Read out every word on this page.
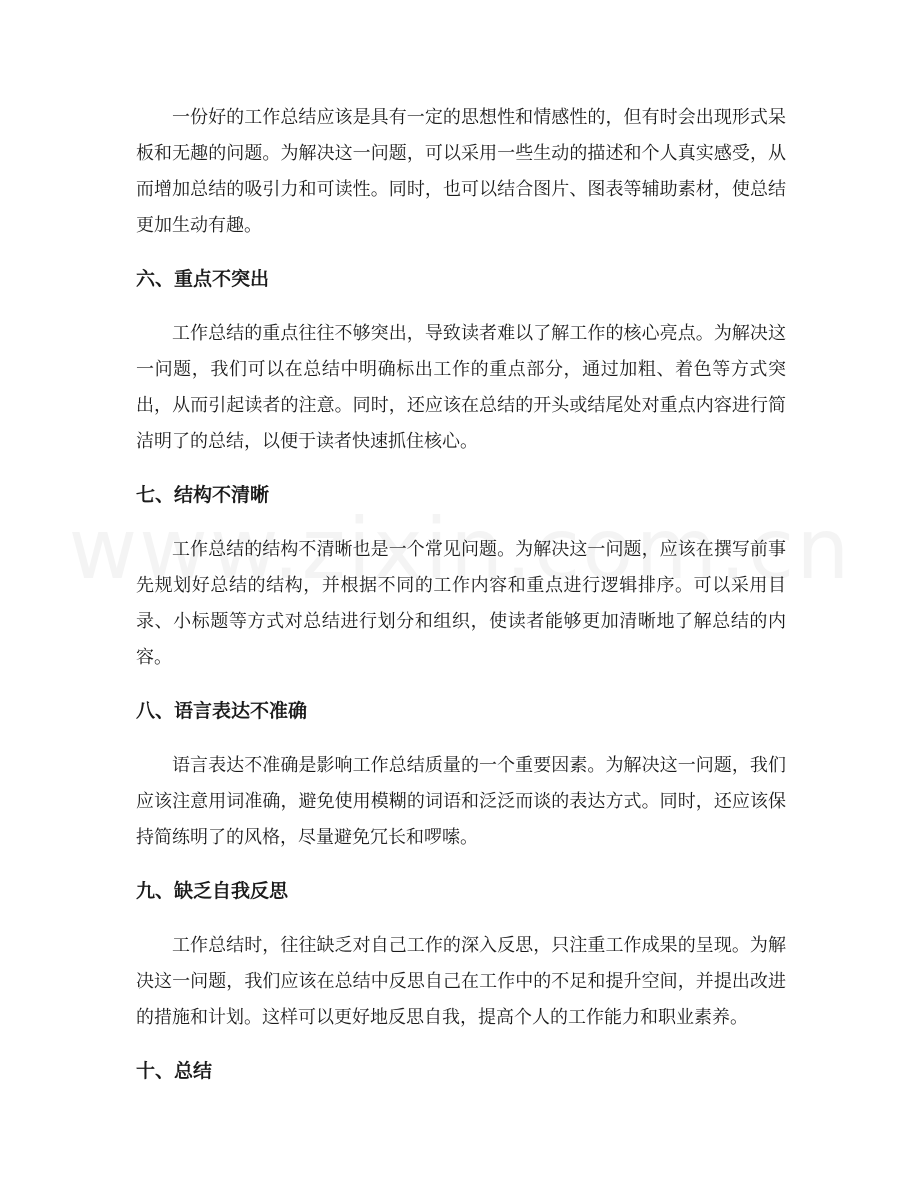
一份好的工作总结应该是具有一定的思想性和情感性的，但有时会出现形式呆板和无趣的问题。为解决这一问题，可以采用一些生动的描述和个人真实感受，从而增加总结的吸引力和可读性。同时，也可以结合图片、图表等辅助素材，使总结更加生动有趣。

六、重点不突出

工作总结的重点往往不够突出，导致读者难以了解工作的核心亮点。为解决这一问题，我们可以在总结中明确标出工作的重点部分，通过加粗、着色等方式突出，从而引起读者的注意。同时，还应该在总结的开头或结尾处对重点内容进行简洁明了的总结，以便于读者快速抓住核心。

七、结构不清晰

工作总结的结构不清晰也是一个常见问题。为解决这一问题，应该在撰写前事先规划好总结的结构，并根据不同的工作内容和重点进行逻辑排序。可以采用目录、小标题等方式对总结进行划分和组织，使读者能够更加清晰地了解总结的内容。

八、语言表达不准确

语言表达不准确是影响工作总结质量的一个重要因素。为解决这一问题，我们应该注意用词准确，避免使用模糊的词语和泛泛而谈的表达方式。同时，还应该保持简练明了的风格，尽量避免冗长和啰嗦。

九、缺乏自我反思

工作总结时，往往缺乏对自己工作的深入反思，只注重工作成果的呈现。为解决这一问题，我们应该在总结中反思自己在工作中的不足和提升空间，并提出改进的措施和计划。这样可以更好地反思自我，提高个人的工作能力和职业素养。

十、总结
